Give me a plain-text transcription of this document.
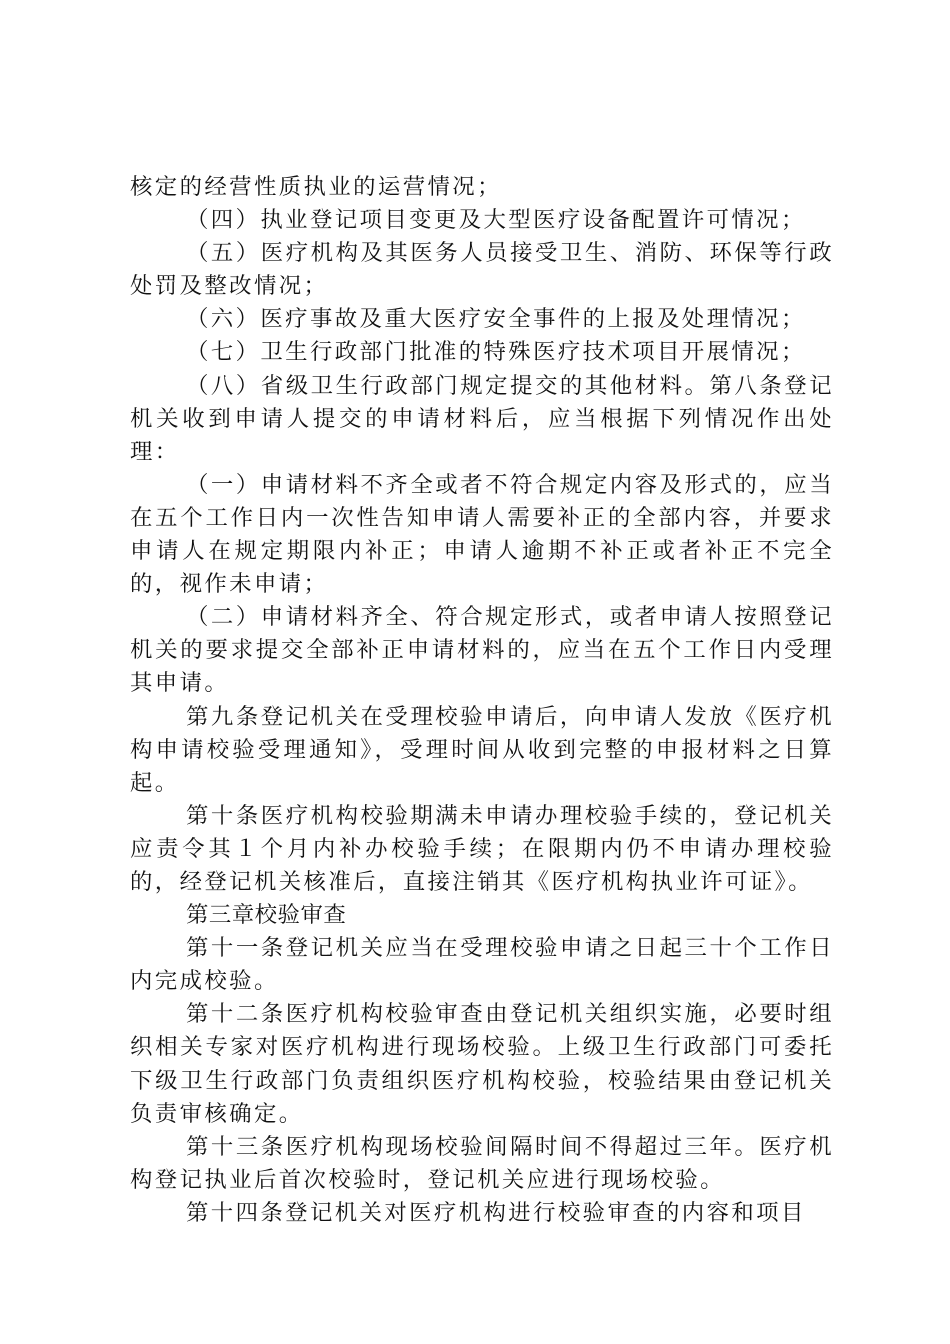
核定的经营性质执业的运营情况；

（四）执业登记项目变更及大型医疗设备配置许可情况；

（五）医疗机构及其医务人员接受卫生、消防、环保等行政处罚及整改情况；

（六）医疗事故及重大医疗安全事件的上报及处理情况；

（七）卫生行政部门批准的特殊医疗技术项目开展情况；

（八）省级卫生行政部门规定提交的其他材料。第八条登记机关收到申请人提交的申请材料后，应当根据下列情况作出处理：

（一）申请材料不齐全或者不符合规定内容及形式的，应当在五个工作日内一次性告知申请人需要补正的全部内容，并要求申请人在规定期限内补正；申请人逾期不补正或者补正不完全的，视作未申请；

（二）申请材料齐全、符合规定形式，或者申请人按照登记机关的要求提交全部补正申请材料的，应当在五个工作日内受理其申请。

第九条登记机关在受理校验申请后，向申请人发放《医疗机构申请校验受理通知》，受理时间从收到完整的申报材料之日算起。

第十条医疗机构校验期满未申请办理校验手续的，登记机关应责令其１个月内补办校验手续；在限期内仍不申请办理校验的，经登记机关核准后，直接注销其《医疗机构执业许可证》。

第三章校验审查

第十一条登记机关应当在受理校验申请之日起三十个工作日内完成校验。

第十二条医疗机构校验审查由登记机关组织实施，必要时组织相关专家对医疗机构进行现场校验。上级卫生行政部门可委托下级卫生行政部门负责组织医疗机构校验，校验结果由登记机关负责审核确定。

第十三条医疗机构现场校验间隔时间不得超过三年。医疗机构登记执业后首次校验时，登记机关应进行现场校验。

第十四条登记机关对医疗机构进行校验审查的内容和项目
